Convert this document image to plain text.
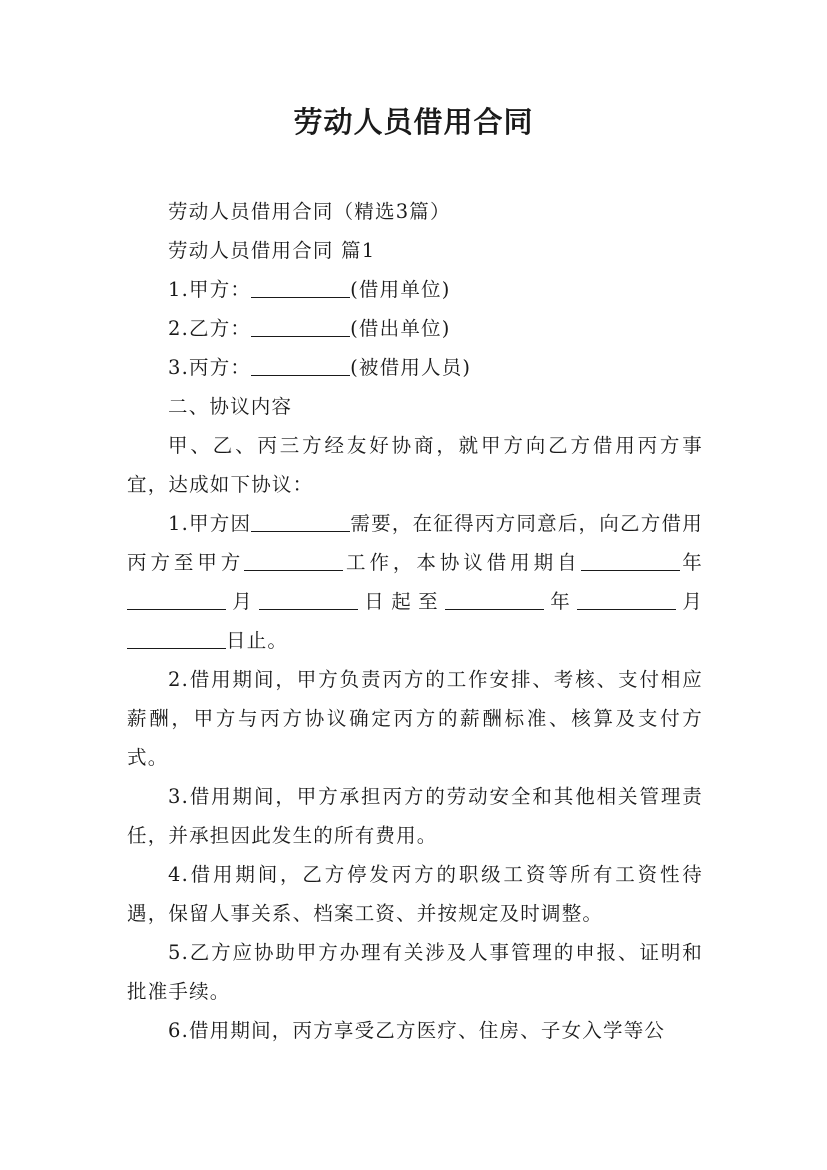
劳动人员借用合同
劳动人员借用合同（精选3篇）
劳动人员借用合同 篇1
1.甲方：	(借用单位)
2.乙方：	(借出单位)
3.丙方：	(被借用人员)
二、协议内容
甲、乙、丙三方经友好协商，就甲方向乙方借用丙方事宜，达成如下协议：
1.甲方因	需要，在征得丙方同意后，向乙方借用丙方至甲方	工作，本协议借用期自	年月	日起至	年	月日止。
2.借用期间，甲方负责丙方的工作安排、考核、支付相应薪酬，甲方与丙方协议确定丙方的薪酬标准、核算及支付方式。
3.借用期间，甲方承担丙方的劳动安全和其他相关管理责任，并承担因此发生的所有费用。
4.借用期间，乙方停发丙方的职级工资等所有工资性待遇，保留人事关系、档案工资、并按规定及时调整。
5.乙方应协助甲方办理有关涉及人事管理的申报、证明和批准手续。
6.借用期间，丙方享受乙方医疗、住房、子女入学等公
